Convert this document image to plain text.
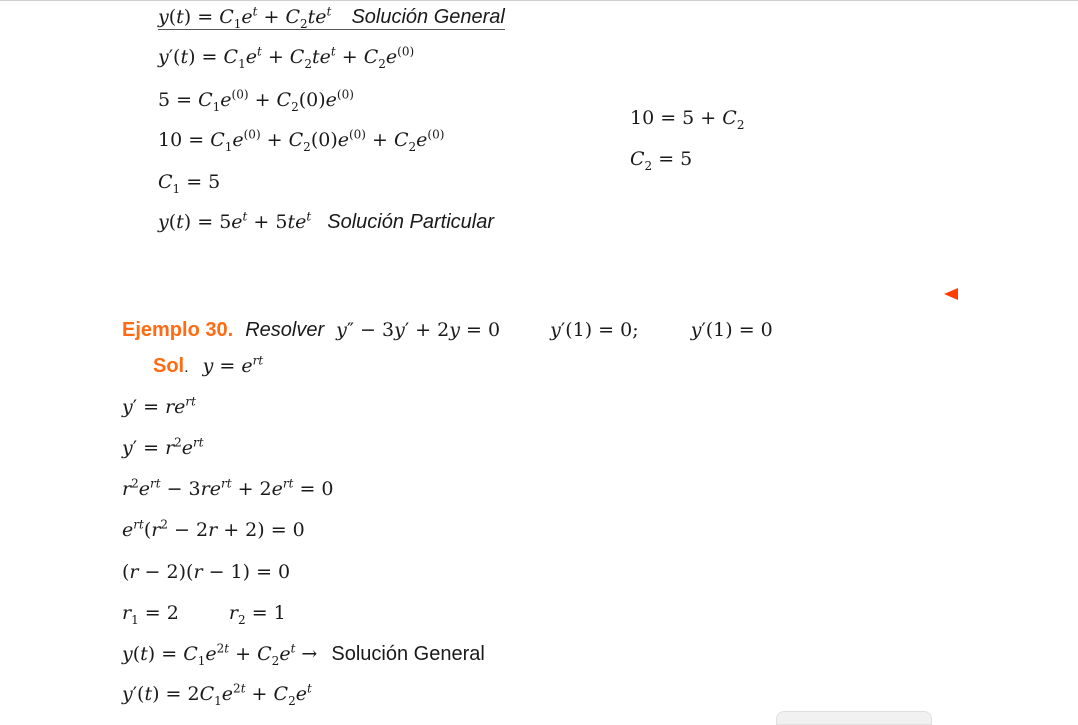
$y(t) = C_1e^t + C_2te^t$ Solución General
$y'(t) = C_1e^t + C_2te^t + C_2e^{(0)}$
$5 = C_1e^{(0)} + C_2(0)e^{(0)}$
$10 = 5 + C_2$
$C_2 = 5$
$10 = C_1e^{(0)} + C_2(0)e^{(0)} + C_2e^{(0)}$
$C_1 = 5$
$y(t) = 5e^t + 5te^t$ Solución Particular
Ejemplo 30. Resolver y″ − 3y′ + 2y = 0  y′(1) = 0;  y′(1) = 0
Sol. $y = e^{rt}$
$y' = re^{rt}$
$y' = r^2e^{rt}$
$r^2e^{rt} - 3re^{rt} + 2e^{rt} = 0$
$e^{rt}(r^2 - 2r + 2) = 0$
(r − 2)(r − 1) = 0
$r_1 = 2$  $r_2 = 1$
$y(t) = C_1e^{2t} + C_2e^t$ → Solución General
$y'(t) = 2C_1e^{2t} + C_2e^t$
